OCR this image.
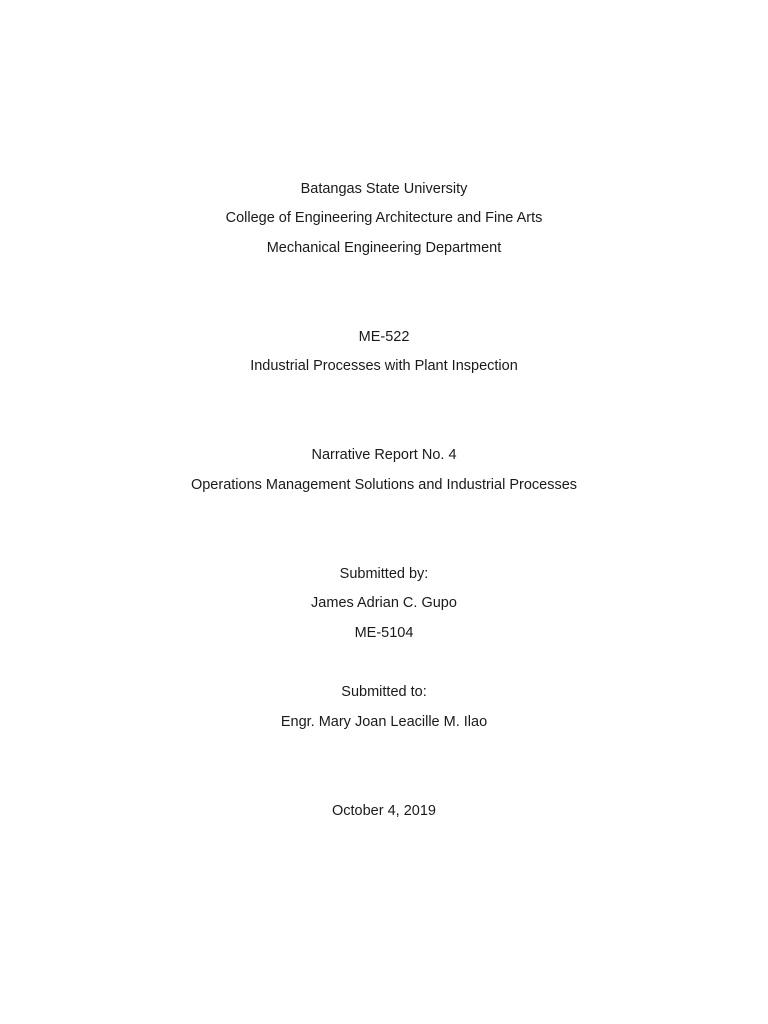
Batangas State University
College of Engineering Architecture and Fine Arts
Mechanical Engineering Department
ME-522
Industrial Processes with Plant Inspection
Narrative Report No. 4
Operations Management Solutions and Industrial Processes
Submitted by:
James Adrian C. Gupo
ME-5104
Submitted to:
Engr. Mary Joan Leacille M. Ilao
October 4, 2019
